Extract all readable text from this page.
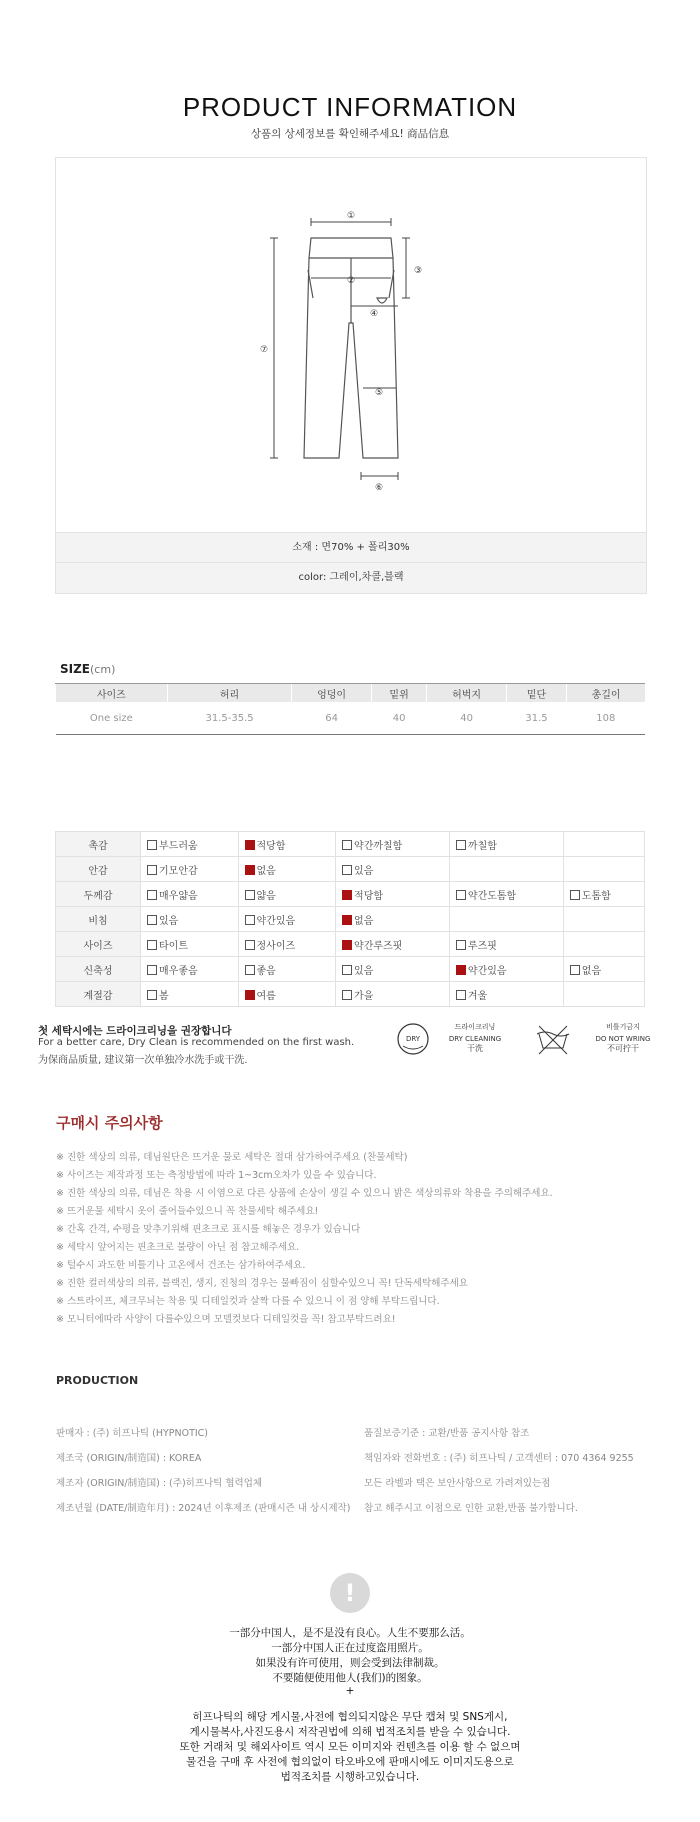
PRODUCT INFORMATION
상품의 상세정보를 확인해주세요! 商品信息
①
②
③
④
⑤
⑥
⑦
소재 : 면70% + 폴리30%
color: 그레이,차콜,블랙
SIZE(cm)
사이즈	허리	엉덩이	밑위	허벅지	밑단	총길이
One size	31.5-35.5	64	40	40	31.5	108
촉감	부드러움	적당함	약간까칠함	까칠함	
안감	기모안감	없음	있음		
두께감	매우얇음	얇음	적당함	약간도톰함	도톰함
비침	있음	약간있음	없음		
사이즈	타이트	정사이즈	약간루즈핏	루즈핏	
신축성	매우좋음	좋음	있음	약간있음	없음
계절감	봄	여름	가을	겨울	
첫 세탁시에는 드라이크리닝을 권장합니다
For a better care, Dry Clean is recommended on the first wash.
为保商品质量, 建议第一次单独冷水洗手或干洗.
DRY
드라이크리닝
DRY CLEANING
干洗
비틀기금지
DO NOT WRING
不可拧干
구매시 주의사항
※ 진한 색상의 의류, 데님원단은 뜨거운 물로 세탁은 절대 삼가하여주세요 (찬물세탁)
※ 사이즈는 제작과정 또는 측정방법에 따라 1~3cm오차가 있을 수 있습니다.
※ 진한 색상의 의류, 데님은 착용 시 이염으로 다른 상품에 손상이 생길 수 있으니 밝은 색상의류와 착용을 주의해주세요.
※ 뜨거운물 세탁시 옷이 줄어들수있으니 꼭 찬물세탁 해주세요!
※ 간혹 간격, 수평을 맞추기위해 핀초크로 표시를 해놓은 경우가 있습니다
※ 세탁시 앞어지는 핀초크로 불량이 아닌 점 참고해주세요.
※ 털수시 과도한 비틀기나 고온에서 건조는 삼가하여주세요.
※ 진한 컬러색상의 의류, 블랙진, 생지, 진청의 경우는 물빠짐이 심할수있으니 꼭! 단독세탁해주세요
※ 스트라이프, 체크무늬는 착용 및 디테일컷과 살짝 다를 수 있으니 이 점 양해 부탁드립니다.
※ 모니터에따라 사양이 다를수있으며 모델컷보다 디테일컷을 꼭! 참고부탁드려요!
PRODUCTION
판매자 : (주) 히프나틱 (HYPNOTIC)
제조국 (ORIGIN/制造国) : KOREA
제조자 (ORIGIN/制造国) : (주)히프나틱 협력업체
제조년월 (DATE/制造年月) : 2024년 이후제조 (판매시즌 내 상시제작)
품질보증기준 : 교환/반품 공지사항 참조
책임자와 전화번호 : (주) 히프나틱 / 고객센터 : 070 4364 9255
모든 라벨과 택은 보안사항으로 가려져있는점
참고 해주시고 이점으로 인한 교환,반품 불가합니다.
!
一部分中国人，是不是没有良心。人生不要那么活。
一部分中国人正在过度盗用照片。
如果没有许可使用，则会受到法律制裁。
不要随便使用他人(我们)的图象。
+
히프나틱의 해당 게시물,사전에 협의되지않은 무단 캡쳐 및 SNS게시,
게시물복사,사진도용시 저작권법에 의해 법적조치를 받을 수 있습니다.
또한 거래처 및 해외사이트 역시 모든 이미지와 컨텐츠를 이용 할 수 없으며
물건을 구매 후 사전에 협의없이 타오바오에 판매시에도 이미지도용으로
법적조치를 시행하고있습니다.
